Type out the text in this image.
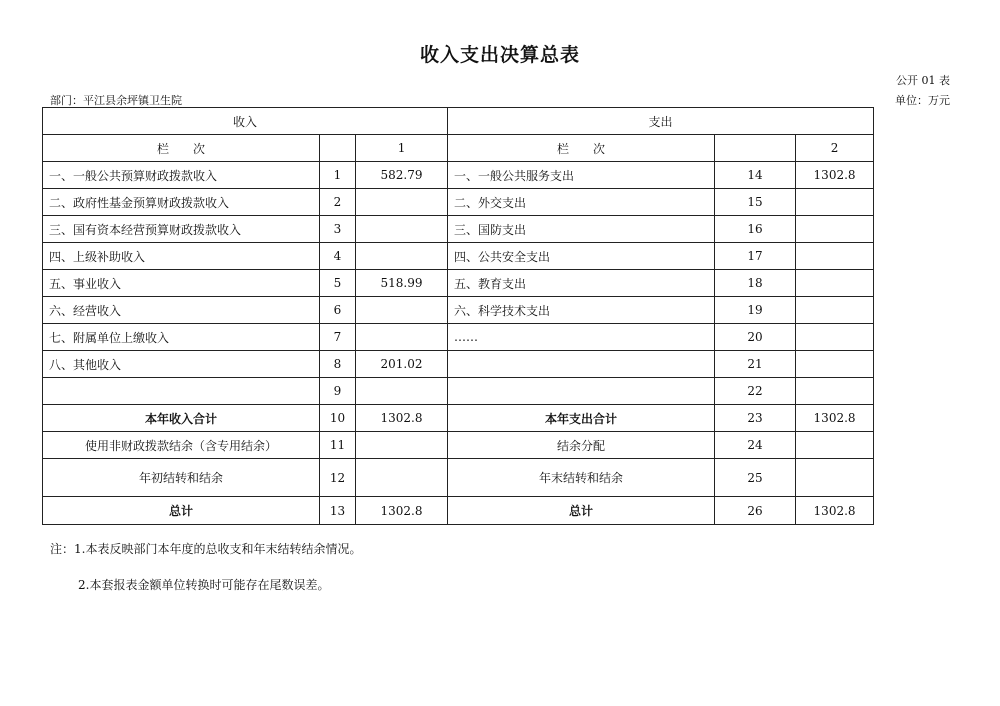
收入支出决算总表
公开 01 表
部门：平江县余坪镇卫生院	单位：万元
收入			支出		
栏　　次		1	栏　　次		2
一、一般公共预算财政拨款收入	1	582.79	一、一般公共服务支出	14	1302.8
二、政府性基金预算财政拨款收入	2		二、外交支出	15	
三、国有资本经营预算财政拨款收入	3		三、国防支出	16	
四、上级补助收入	4		四、公共安全支出	17	
五、事业收入	5	518.99	五、教育支出	18	
六、经营收入	6		六、科学技术支出	19	
七、附属单位上缴收入	7		……	20	
八、其他收入	8	201.02		21	
	9			22	
本年收入合计	10	1302.8	本年支出合计	23	1302.8
使用非财政拨款结余（含专用结余）	11		结余分配	24	
年初结转和结余	12		年末结转和结余	25	
总计	13	1302.8	总计	26	1302.8
注：1.本表反映部门本年度的总收支和年末结转结余情况。
2.本套报表金额单位转换时可能存在尾数误差。
